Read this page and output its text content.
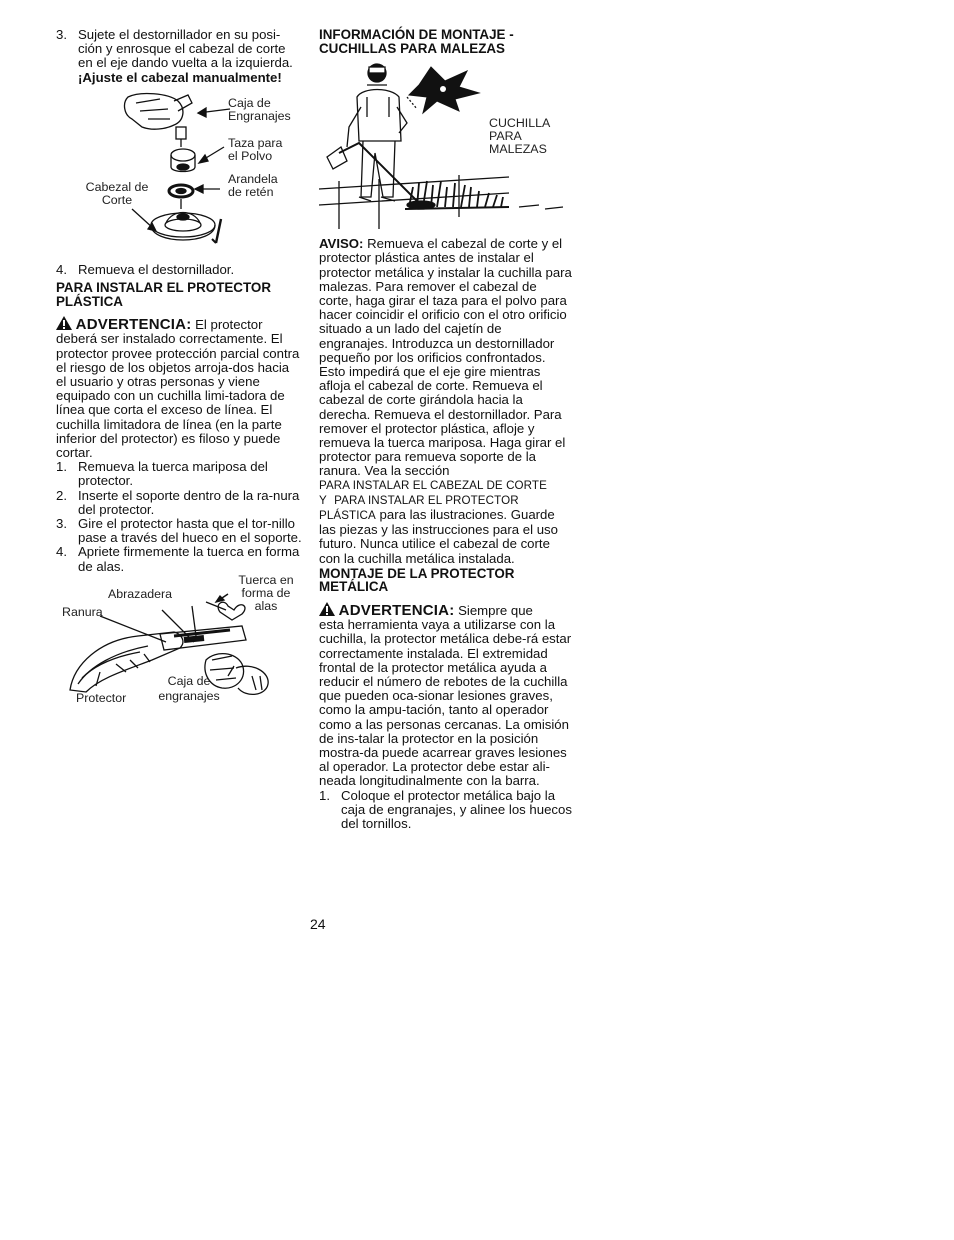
3. Sujete el destornillador en su posi-ción y enrosque el cabezal de corte en el eje dando vuelta a la izquierda. ¡Ajuste el cabezal manualmente!
Caja de Engranajes
Taza para el Polvo
Arandela de retén
Cabezal de Corte
4. Remueva el destornillador.
PARA INSTALAR EL PROTECTOR PLÁSTICA
ADVERTENCIA: El protector

deberá ser instalado correctamente. El protector provee protección parcial contra el riesgo de los objetos arroja-dos hacia el usuario y otras personas y viene equipado con un cuchilla limi-tadora de línea que corta el exceso de línea. El cuchilla limitadora de línea (en la parte inferior del protector) es filoso y puede cortar.

1. Remueva la tuerca mariposa del protector.
2. Inserte el soporte dentro de la ra-nura del protector.
3. Gire el protector hasta que el tor-nillo pase a través del hueco en el soporte.
4. Apriete firmemente la tuerca en forma de alas.
Tuerca en forma de alas
Abrazadera
Ranura
Caja de engranajes
Protector
INFORMACIÓN DE MONTAJE - CUCHILLAS PARA MALEZAS
CUCHILLA PARA MALEZAS

AVISO: Remueva el cabezal de corte y el protector plástica antes de instalar el protector metálica y instalar la cuchilla para malezas. Para remover el cabezal de corte, haga girar el taza para el polvo para hacer coincidir el orificio con el otro orificio situado a un lado del cajetín de engranajes. Introduzca un destornillador pequeño por los orificios confrontados. Esto impedirá que el eje gire mientras afloja el cabezal de corte. Remueva el cabezal de corte girándola hacia la derecha. Remueva el destornillador. Para remover el protector plástica, afloje y remueva la tuerca mariposa. Haga girar el protector para remueva soporte de la ranura. Vea la sección

PARA INSTALAR EL CABEZAL DE CORTE

Y PARA INSTALAR EL PROTECTOR PLÁSTICA para las ilustraciones. Guarde las piezas y las instrucciones para el uso futuro. Nunca utilice el cabezal de corte con la cuchilla metálica instalada.

MONTAJE DE LA PROTECTOR METÁLICA
ADVERTENCIA: Siempre que

esta herramienta vaya a utilizarse con la cuchilla, la protector metálica debe-rá estar correctamente instalada. El extremidad frontal de la protector metálica ayuda a reducir el número de rebotes de la cuchilla que pueden oca-sionar lesiones graves, como la ampu-tación, tanto al operador como a las personas cercanas. La omisión de ins-talar la protector en la posición mostra-da puede acarrear graves lesiones al operador. La protector debe estar ali-neada longitudinalmente con la barra.

1. Coloque el protector metálica bajo la caja de engranajes, y alinee los huecos del tornillos.
24
